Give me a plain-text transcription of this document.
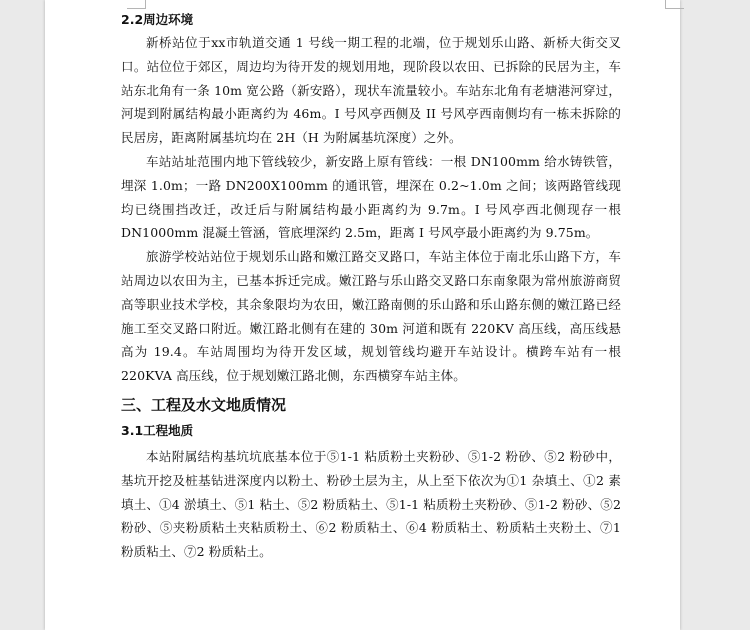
2.2周边环境

新桥站位于xx市轨道交通 1 号线一期工程的北端，位于规划乐山路、新桥大街交叉口。站位位于郊区，周边均为待开发的规划用地，现阶段以农田、已拆除的民居为主，车站东北角有一条 10m 宽公路（新安路），现状车流量较小。车站东北角有老塘港河穿过，河堤到附属结构最小距离约为 46m。I 号风亭西侧及 II 号风亭西南侧均有一栋未拆除的民居房，距离附属基坑均在 2H（H 为附属基坑深度）之外。

车站站址范围内地下管线较少，新安路上原有管线：一根 DN100mm 给水铸铁管，埋深 1.0m；一路 DN200X100mm 的通讯管，埋深在 0.2~1.0m 之间；该两路管线现均已绕围挡改迁，改迁后与附属结构最小距离约为 9.7m。I 号风亭西北侧现存一根 DN1000mm 混凝土管涵，管底埋深约 2.5m，距离 I 号风亭最小距离约为 9.75m。

旅游学校站站位于规划乐山路和嫩江路交叉路口，车站主体位于南北乐山路下方，车站周边以农田为主，已基本拆迁完成。嫩江路与乐山路交叉路口东南象限为常州旅游商贸高等职业技术学校，其余象限均为农田，嫩江路南侧的乐山路和乐山路东侧的嫩江路已经施工至交叉路口附近。嫩江路北侧有在建的 30m 河道和既有 220KV 高压线，高压线悬高为 19.4。车站周围均为待开发区域，规划管线均避开车站设计。横跨车站有一根 220KVA 高压线，位于规划嫩江路北侧，东西横穿车站主体。

三、工程及水文地质情况
3.1工程地质

本站附属结构基坑坑底基本位于⑤1-1 粘质粉土夹粉砂、⑤1-2 粉砂、⑤2 粉砂中，基坑开挖及桩基钻进深度内以粉土、粉砂土层为主，从上至下依次为①1 杂填土、①2 素填土、①4 淤填土、⑤1 粘土、⑤2 粉质粘土、⑤1-1 粘质粉土夹粉砂、⑤1-2 粉砂、⑤2 粉砂、⑤夹粉质粘土夹粘质粉土、⑥2 粉质粘土、⑥4 粉质粘土、粉质粘土夹粉土、⑦1 粉质粘土、⑦2 粉质粘土。
